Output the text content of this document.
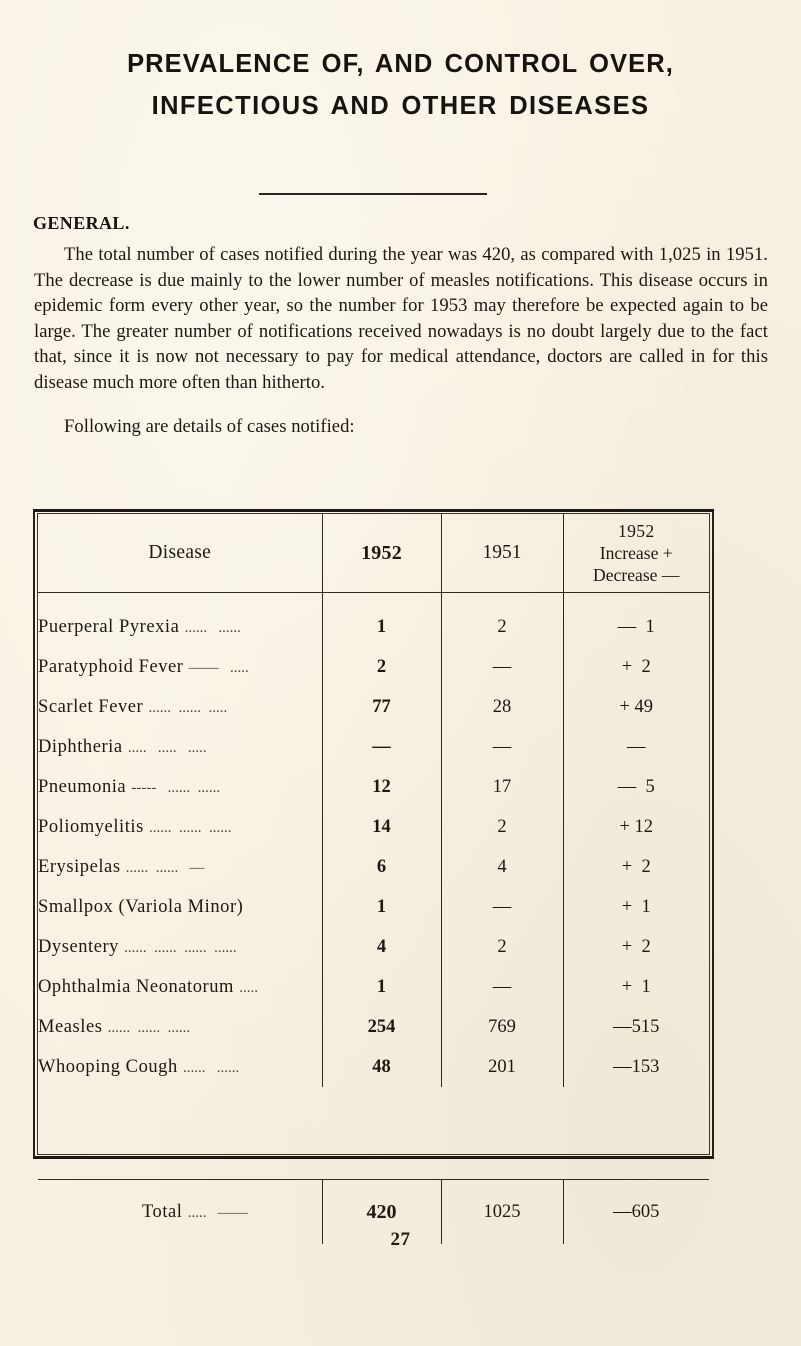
PREVALENCE OF, AND CONTROL OVER,
INFECTIOUS AND OTHER DISEASES
GENERAL.

The total number of cases notified during the year was 420, as compared with 1,025 in 1951. The decrease is due mainly to the lower number of measles notifications. This disease occurs in epidemic form every other year, so the number for 1953 may therefore be expected again to be large. The greater number of notifications received nowadays is no doubt largely due to the fact that, since it is now not necessary to pay for medical attendance, doctors are called in for this disease much more often than hitherto.

Following are details of cases notified:

Disease	1952	1951	1952
Increase +
Decrease —

Puerperal Pyrexia ......   ......	1	2	—  1
Paratyphoid Fever ——   .....	2	—	+  2
Scarlet Fever ......  ......  .....	77	28	+ 49
Diphtheria .....   .....   .....	—	—	—
Pneumonia -----   ......  ......	12	17	—  5
Poliomyelitis ......  ......  ......	14	2	+ 12
Erysipelas ......  ......   —	6	4	+  2
Smallpox (Variola Minor)	1	—	+  1
Dysentery ......  ......  ......  ......	4	2	+  2
Ophthalmia Neonatorum .....	1	—	+  1
Measles ......  ......  ......	254	769	—515
Whooping Cough ......   ......	48	201	—153

Total .....   ——	420	1025	—605
27
